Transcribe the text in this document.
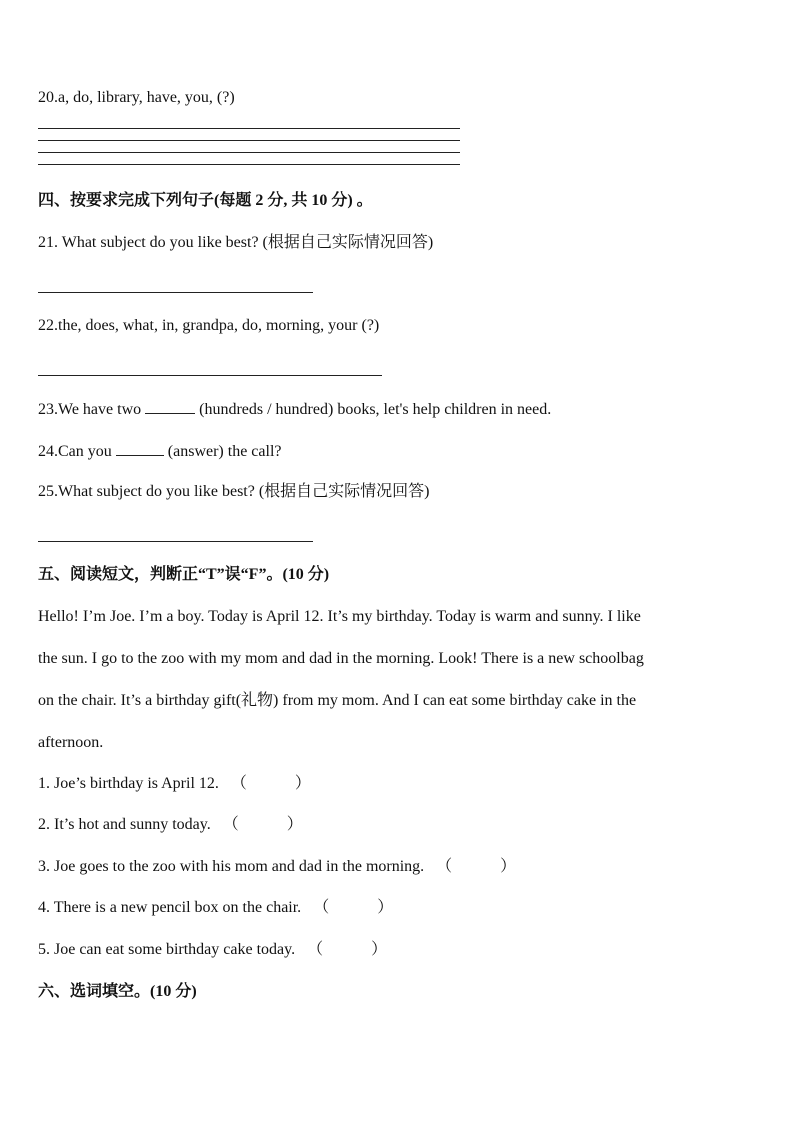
20.a, do, library, have, you, (?)
四、按要求完成下列句子(每题 2 分, 共 10 分) 。
21. What subject do you like best? (根据自己实际情况回答)
22.the, does, what, in, grandpa, do, morning, your (?)
23.We have two	(hundreds / hundred) books, let's help children in need.
24.Can you	(answer) the call?
25.What subject do you like best? (根据自己实际情况回答)
五、阅读短文，判断正“T”误“F”。(10 分)
Hello! I’m Joe. I’m a boy. Today is April 12. It’s my birthday. Today is warm and sunny. I like
the sun. I go to the zoo with my mom and dad in the morning. Look! There is a new schoolbag
on the chair. It’s a birthday gift(礼物) from my mom. And I can eat some birthday cake in the
afternoon.
1. Joe’s birthday is April 12. （　　　）
2. It’s hot and sunny today. （　　　）
3. Joe goes to the zoo with his mom and dad in the morning. （　　　）
4. There is a new pencil box on the chair. （　　　）
5. Joe can eat some birthday cake today. （　　　）
六、选词填空。(10 分)
